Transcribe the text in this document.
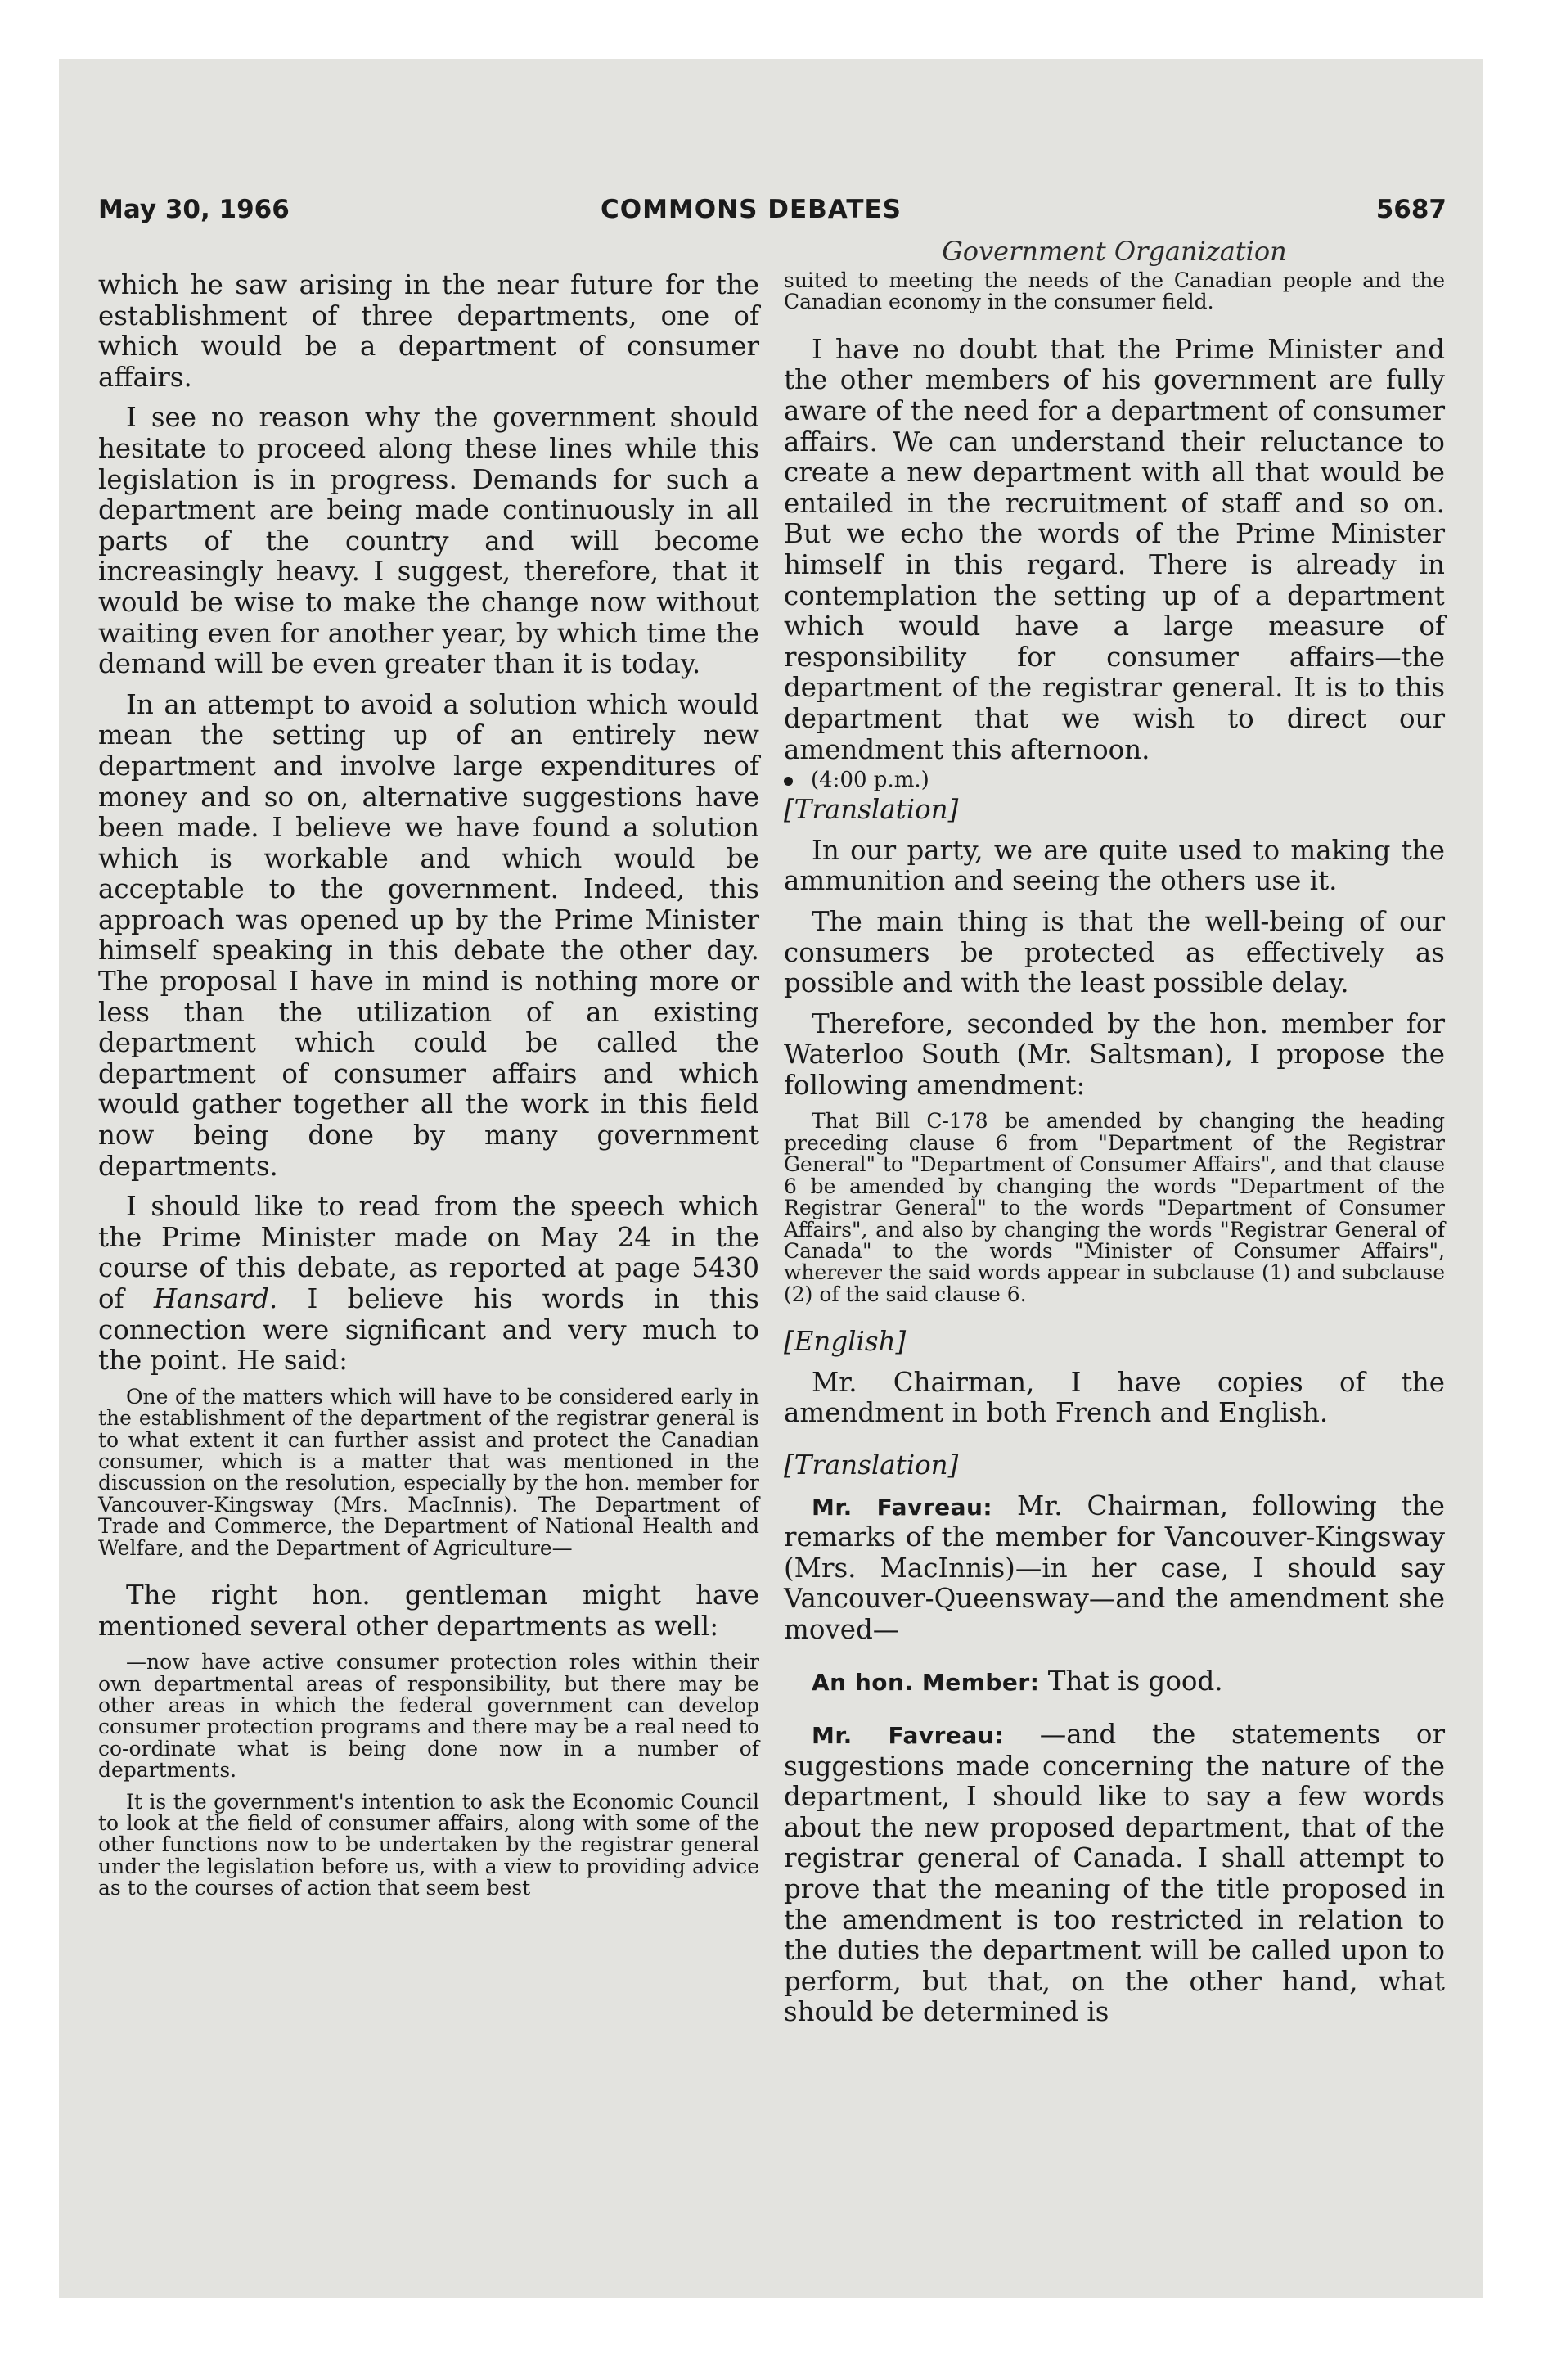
May 30, 1966	COMMONS DEBATES	5687
Government Organization

which he saw arising in the near future for the establishment of three departments, one of which would be a department of consumer affairs.

I see no reason why the government should hesitate to proceed along these lines while this legislation is in progress. Demands for such a department are being made continuously in all parts of the country and will become increasingly heavy. I suggest, therefore, that it would be wise to make the change now without waiting even for another year, by which time the demand will be even greater than it is today.

In an attempt to avoid a solution which would mean the setting up of an entirely new department and involve large expenditures of money and so on, alternative suggestions have been made. I believe we have found a solution which is workable and which would be acceptable to the government. Indeed, this approach was opened up by the Prime Minister himself speaking in this debate the other day. The proposal I have in mind is nothing more or less than the utilization of an existing department which could be called the department of consumer affairs and which would gather together all the work in this field now being done by many government departments.

I should like to read from the speech which the Prime Minister made on May 24 in the course of this debate, as reported at page 5430 of Hansard. I believe his words in this connection were significant and very much to the point. He said:

One of the matters which will have to be considered early in the establishment of the department of the registrar general is to what extent it can further assist and protect the Canadian consumer, which is a matter that was mentioned in the discussion on the resolution, especially by the hon. member for Vancouver-Kingsway (Mrs. MacInnis). The Department of Trade and Commerce, the Department of National Health and Welfare, and the Department of Agriculture—

The right hon. gentleman might have mentioned several other departments as well:

—now have active consumer protection roles within their own departmental areas of responsibility, but there may be other areas in which the federal government can develop consumer protection programs and there may be a real need to co-ordinate what is being done now in a number of departments.

It is the government's intention to ask the Economic Council to look at the field of consumer affairs, along with some of the other functions now to be undertaken by the registrar general under the legislation before us, with a view to providing advice as to the courses of action that seem best

suited to meeting the needs of the Canadian people and the Canadian economy in the consumer field.

I have no doubt that the Prime Minister and the other members of his government are fully aware of the need for a department of consumer affairs. We can understand their reluctance to create a new department with all that would be entailed in the recruitment of staff and so on. But we echo the words of the Prime Minister himself in this regard. There is already in contemplation the setting up of a department which would have a large measure of responsibility for consumer affairs—the department of the registrar general. It is to this department that we wish to direct our amendment this afternoon.

(4:00 p.m.)

[Translation]

In our party, we are quite used to making the ammunition and seeing the others use it.

The main thing is that the well-being of our consumers be protected as effectively as possible and with the least possible delay.

Therefore, seconded by the hon. member for Waterloo South (Mr. Saltsman), I propose the following amendment:

That Bill C-178 be amended by changing the heading preceding clause 6 from "Department of the Registrar General" to "Department of Consumer Affairs", and that clause 6 be amended by changing the words "Department of the Registrar General" to the words "Department of Consumer Affairs", and also by changing the words "Registrar General of Canada" to the words "Minister of Consumer Affairs", wherever the said words appear in subclause (1) and subclause (2) of the said clause 6.

[English]

Mr. Chairman, I have copies of the amendment in both French and English.

[Translation]

Mr. Favreau: Mr. Chairman, following the remarks of the member for Vancouver-Kingsway (Mrs. MacInnis)—in her case, I should say Vancouver-Queensway—and the amendment she moved—

An hon. Member: That is good.

Mr. Favreau: —and the statements or suggestions made concerning the nature of the department, I should like to say a few words about the new proposed department, that of the registrar general of Canada. I shall attempt to prove that the meaning of the title proposed in the amendment is too restricted in relation to the duties the department will be called upon to perform, but that, on the other hand, what should be determined is
